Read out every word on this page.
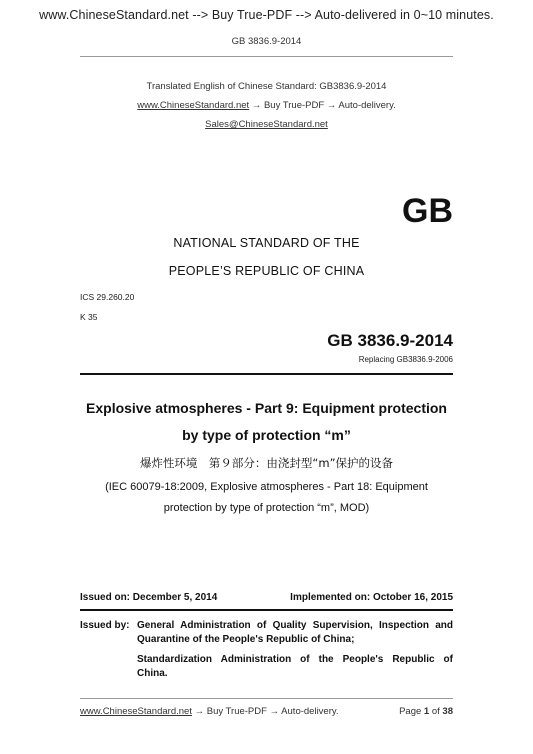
www.ChineseStandard.net --> Buy True-PDF --> Auto-delivered in 0~10 minutes.
GB 3836.9-2014
Translated English of Chinese Standard: GB3836.9-2014
www.ChineseStandard.net → Buy True-PDF → Auto-delivery.
Sales@ChineseStandard.net
GB
NATIONAL STANDARD OF THE
PEOPLE’S REPUBLIC OF CHINA
ICS 29.260.20
K 35
GB 3836.9-2014
Replacing GB3836.9-2006
Explosive atmospheres - Part 9: Equipment protection
by type of protection “m”
爆炸性环境　第９部分：由浇封型“m”保护的设备
(IEC 60079-18:2009, Explosive atmospheres - Part 18: Equipment
protection by type of protection “m”, MOD)
Issued on: December 5, 2014	Implemented on: October 16, 2015
Issued by: General Administration of Quality Supervision, Inspection and
Quarantine of the People's Republic of China;
Standardization Administration of the People's Republic of
China.
www.ChineseStandard.net → Buy True-PDF → Auto-delivery.	Page 1 of 38
